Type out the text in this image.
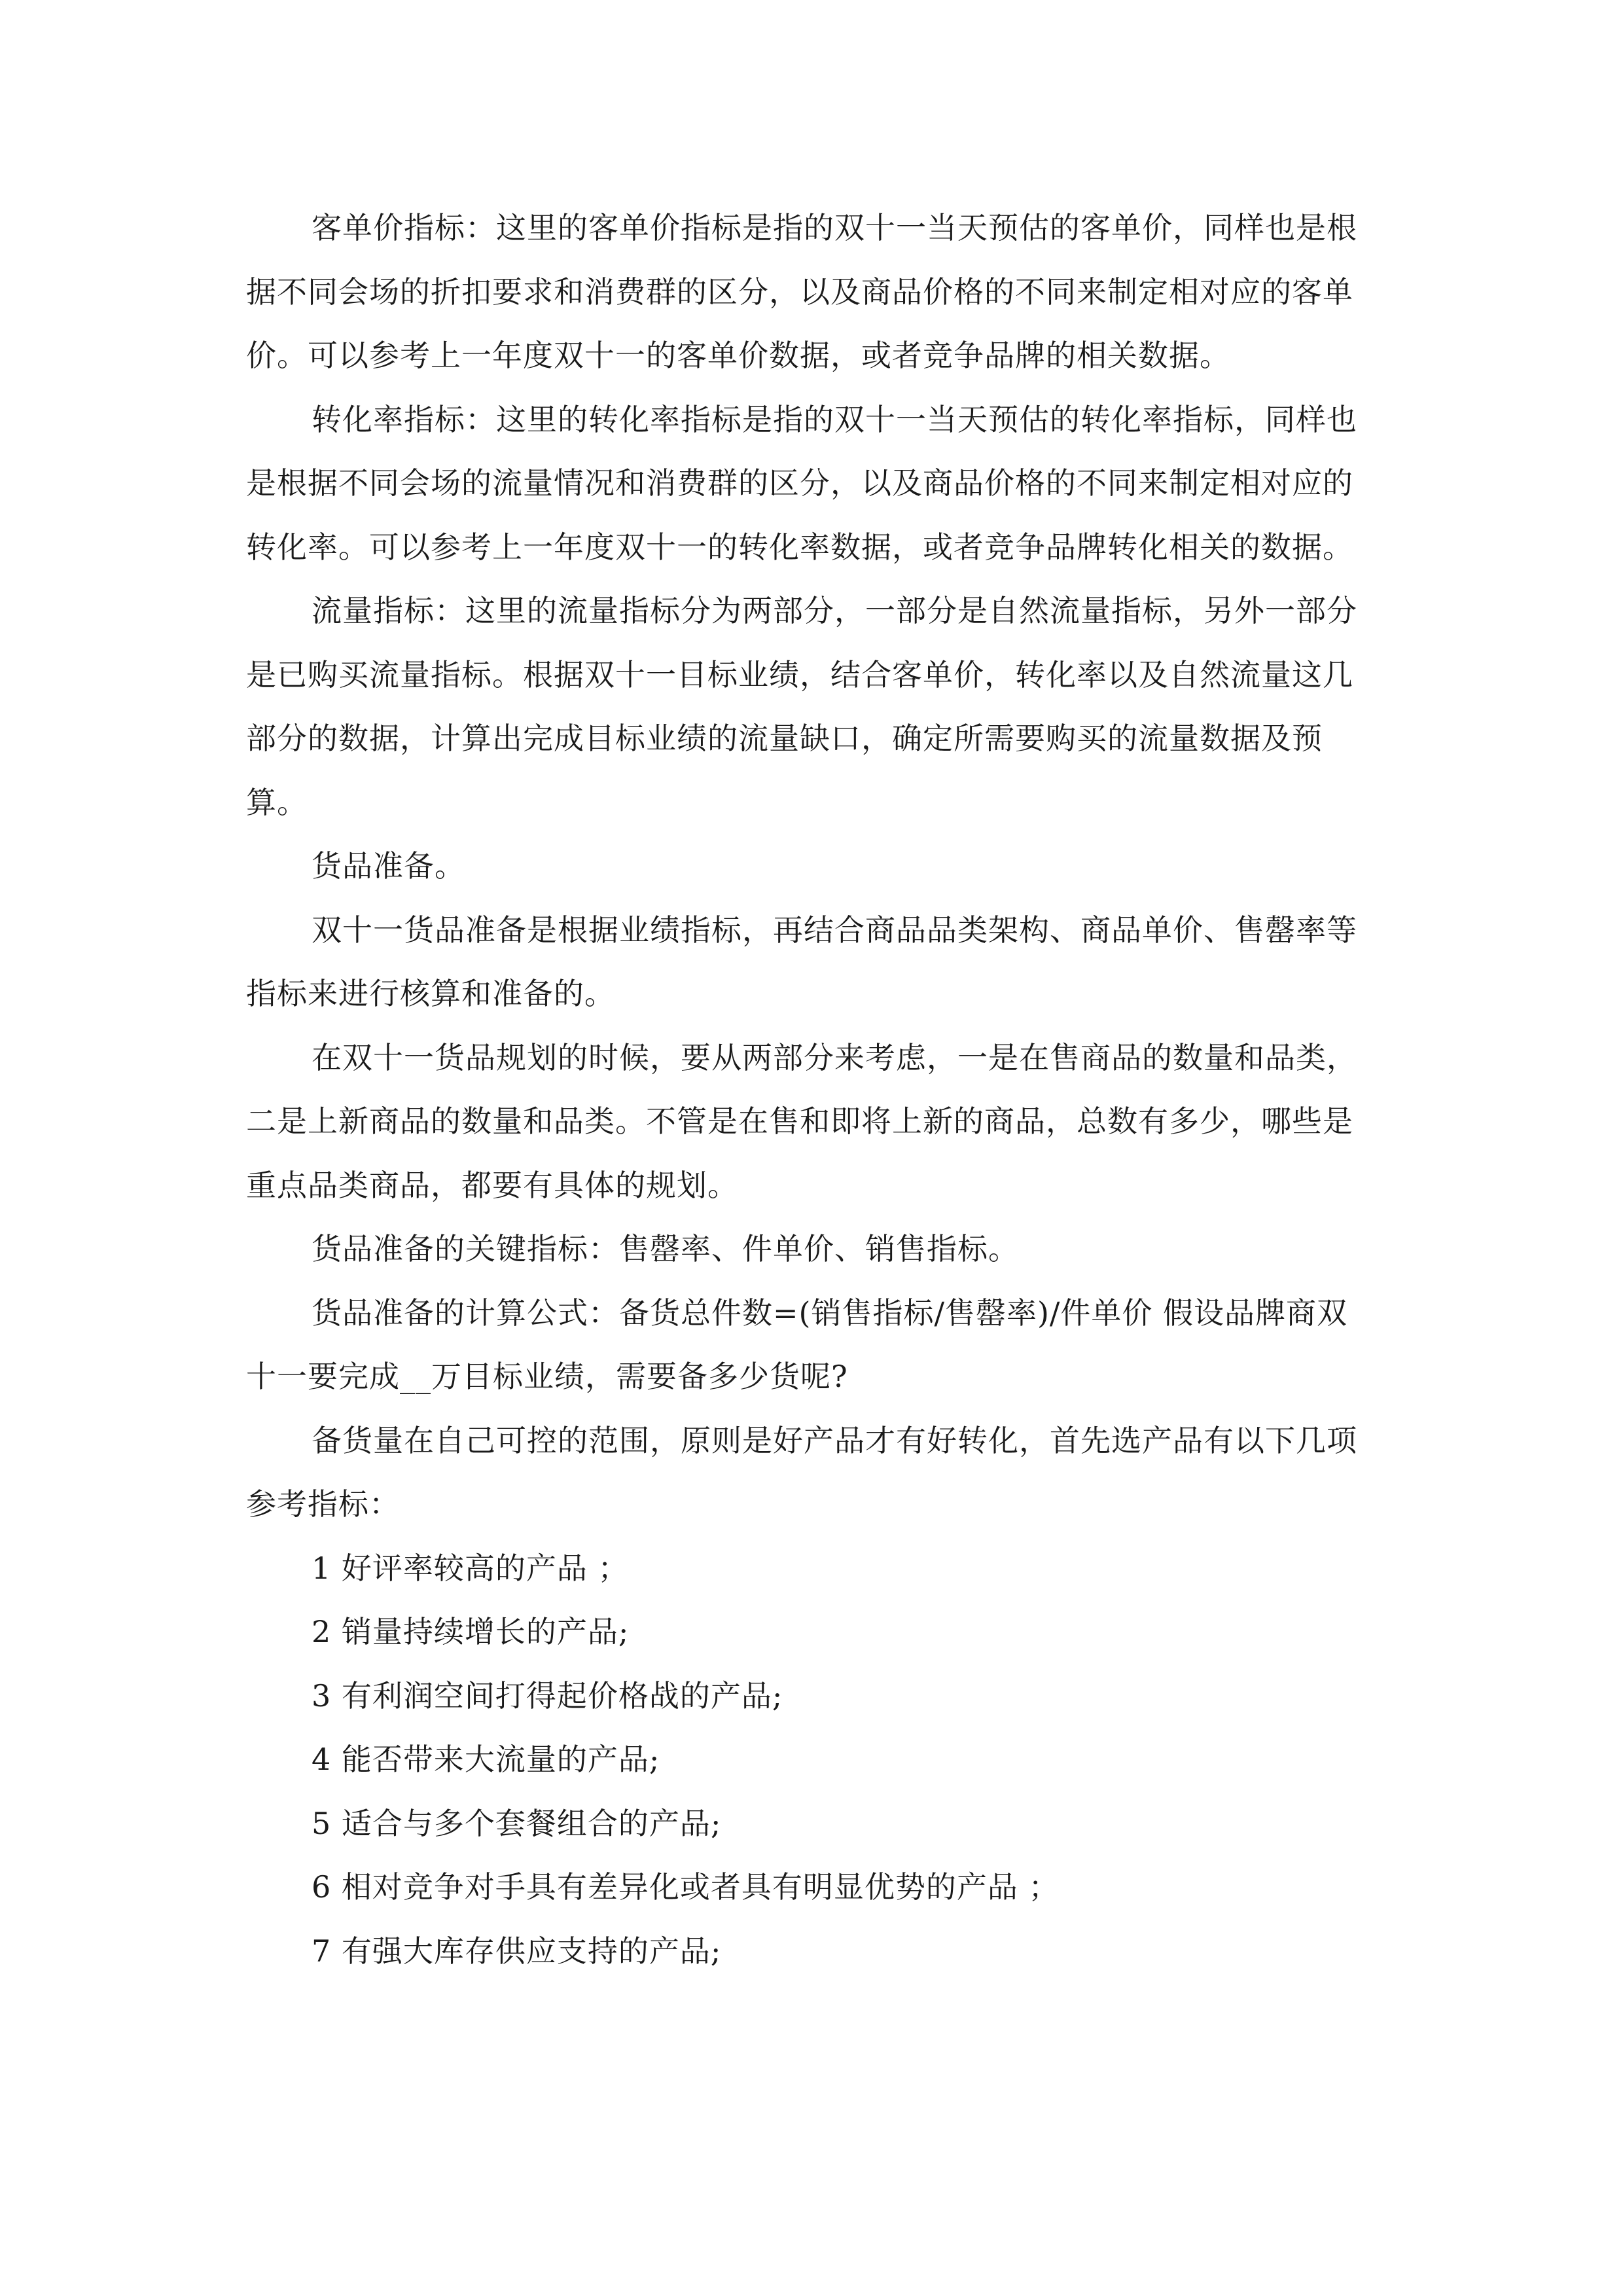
客单价指标：这里的客单价指标是指的双十一当天预估的客单价，同样也是根据不同会场的折扣要求和消费群的区分，以及商品价格的不同来制定相对应的客单价。可以参考上一年度双十一的客单价数据，或者竞争品牌的相关数据。

转化率指标：这里的转化率指标是指的双十一当天预估的转化率指标，同样也是根据不同会场的流量情况和消费群的区分，以及商品价格的不同来制定相对应的转化率。可以参考上一年度双十一的转化率数据，或者竞争品牌转化相关的数据。

流量指标：这里的流量指标分为两部分，一部分是自然流量指标，另外一部分是已购买流量指标。根据双十一目标业绩，结合客单价，转化率以及自然流量这几部分的数据，计算出完成目标业绩的流量缺口，确定所需要购买的流量数据及预算。

货品准备。

双十一货品准备是根据业绩指标，再结合商品品类架构、商品单价、售罄率等指标来进行核算和准备的。

在双十一货品规划的时候，要从两部分来考虑，一是在售商品的数量和品类，二是上新商品的数量和品类。不管是在售和即将上新的商品，总数有多少，哪些是重点品类商品，都要有具体的规划。

货品准备的关键指标：售罄率、件单价、销售指标。

货品准备的计算公式：备货总件数=(销售指标/售罄率)/件单价 假设品牌商双十一要完成__万目标业绩，需要备多少货呢?

备货量在自己可控的范围，原则是好产品才有好转化，首先选产品有以下几项参考指标：

1 好评率较高的产品 ；

2 销量持续增长的产品;

3 有利润空间打得起价格战的产品;

4 能否带来大流量的产品;

5 适合与多个套餐组合的产品;

6 相对竞争对手具有差异化或者具有明显优势的产品 ；

7 有强大库存供应支持的产品;
